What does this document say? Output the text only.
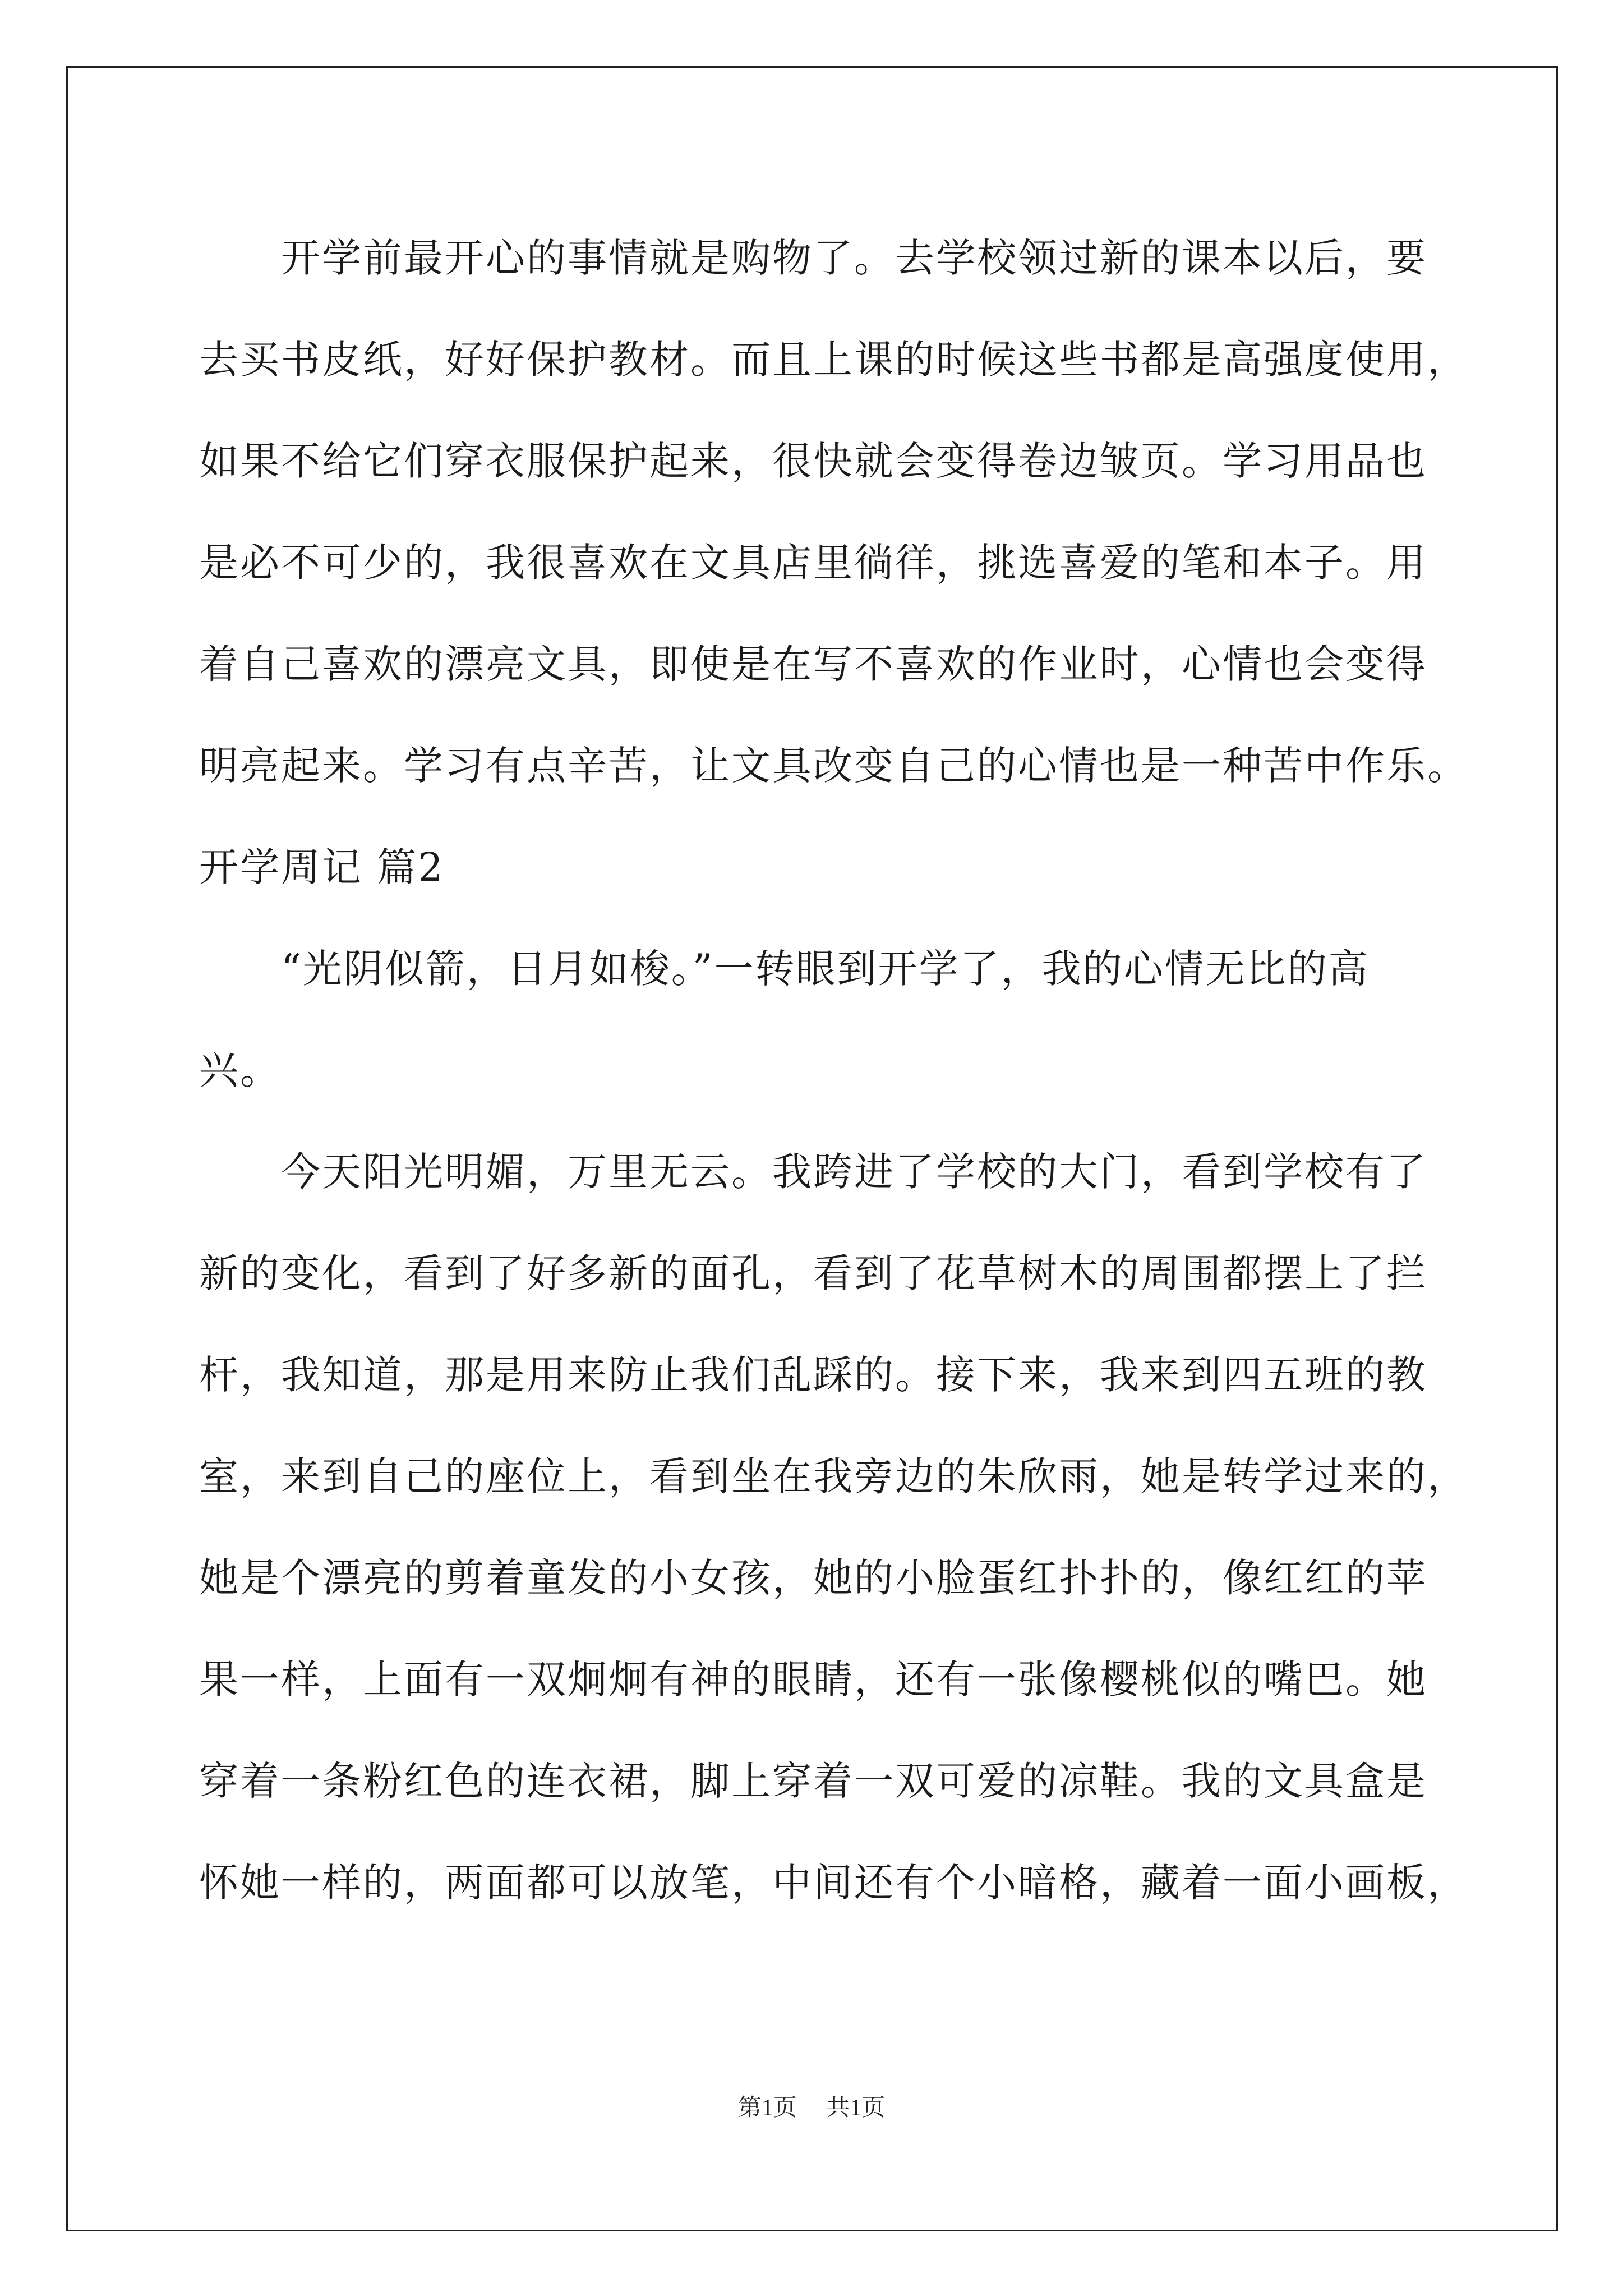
　　开学前最开心的事情就是购物了。去学校领过新的课本以后，要
去买书皮纸，好好保护教材。而且上课的时候这些书都是高强度使用，
如果不给它们穿衣服保护起来，很快就会变得卷边皱页。学习用品也
是必不可少的，我很喜欢在文具店里徜徉，挑选喜爱的笔和本子。用
着自己喜欢的漂亮文具，即使是在写不喜欢的作业时，心情也会变得
明亮起来。学习有点辛苦，让文具改变自己的心情也是一种苦中作乐。
开学周记 篇2
　　“光阴似箭，日月如梭。”一转眼到开学了，我的心情无比的高
兴。
　　今天阳光明媚，万里无云。我跨进了学校的大门，看到学校有了
新的变化，看到了好多新的面孔，看到了花草树木的周围都摆上了拦
杆，我知道，那是用来防止我们乱踩的。接下来，我来到四五班的教
室，来到自己的座位上，看到坐在我旁边的朱欣雨，她是转学过来的，
她是个漂亮的剪着童发的小女孩，她的小脸蛋红扑扑的，像红红的苹
果一样，上面有一双炯炯有神的眼睛，还有一张像樱桃似的嘴巴。她
穿着一条粉红色的连衣裙，脚上穿着一双可爱的凉鞋。我的文具盒是
怀她一样的，两面都可以放笔，中间还有个小暗格，藏着一面小画板，
第1页 共1页
